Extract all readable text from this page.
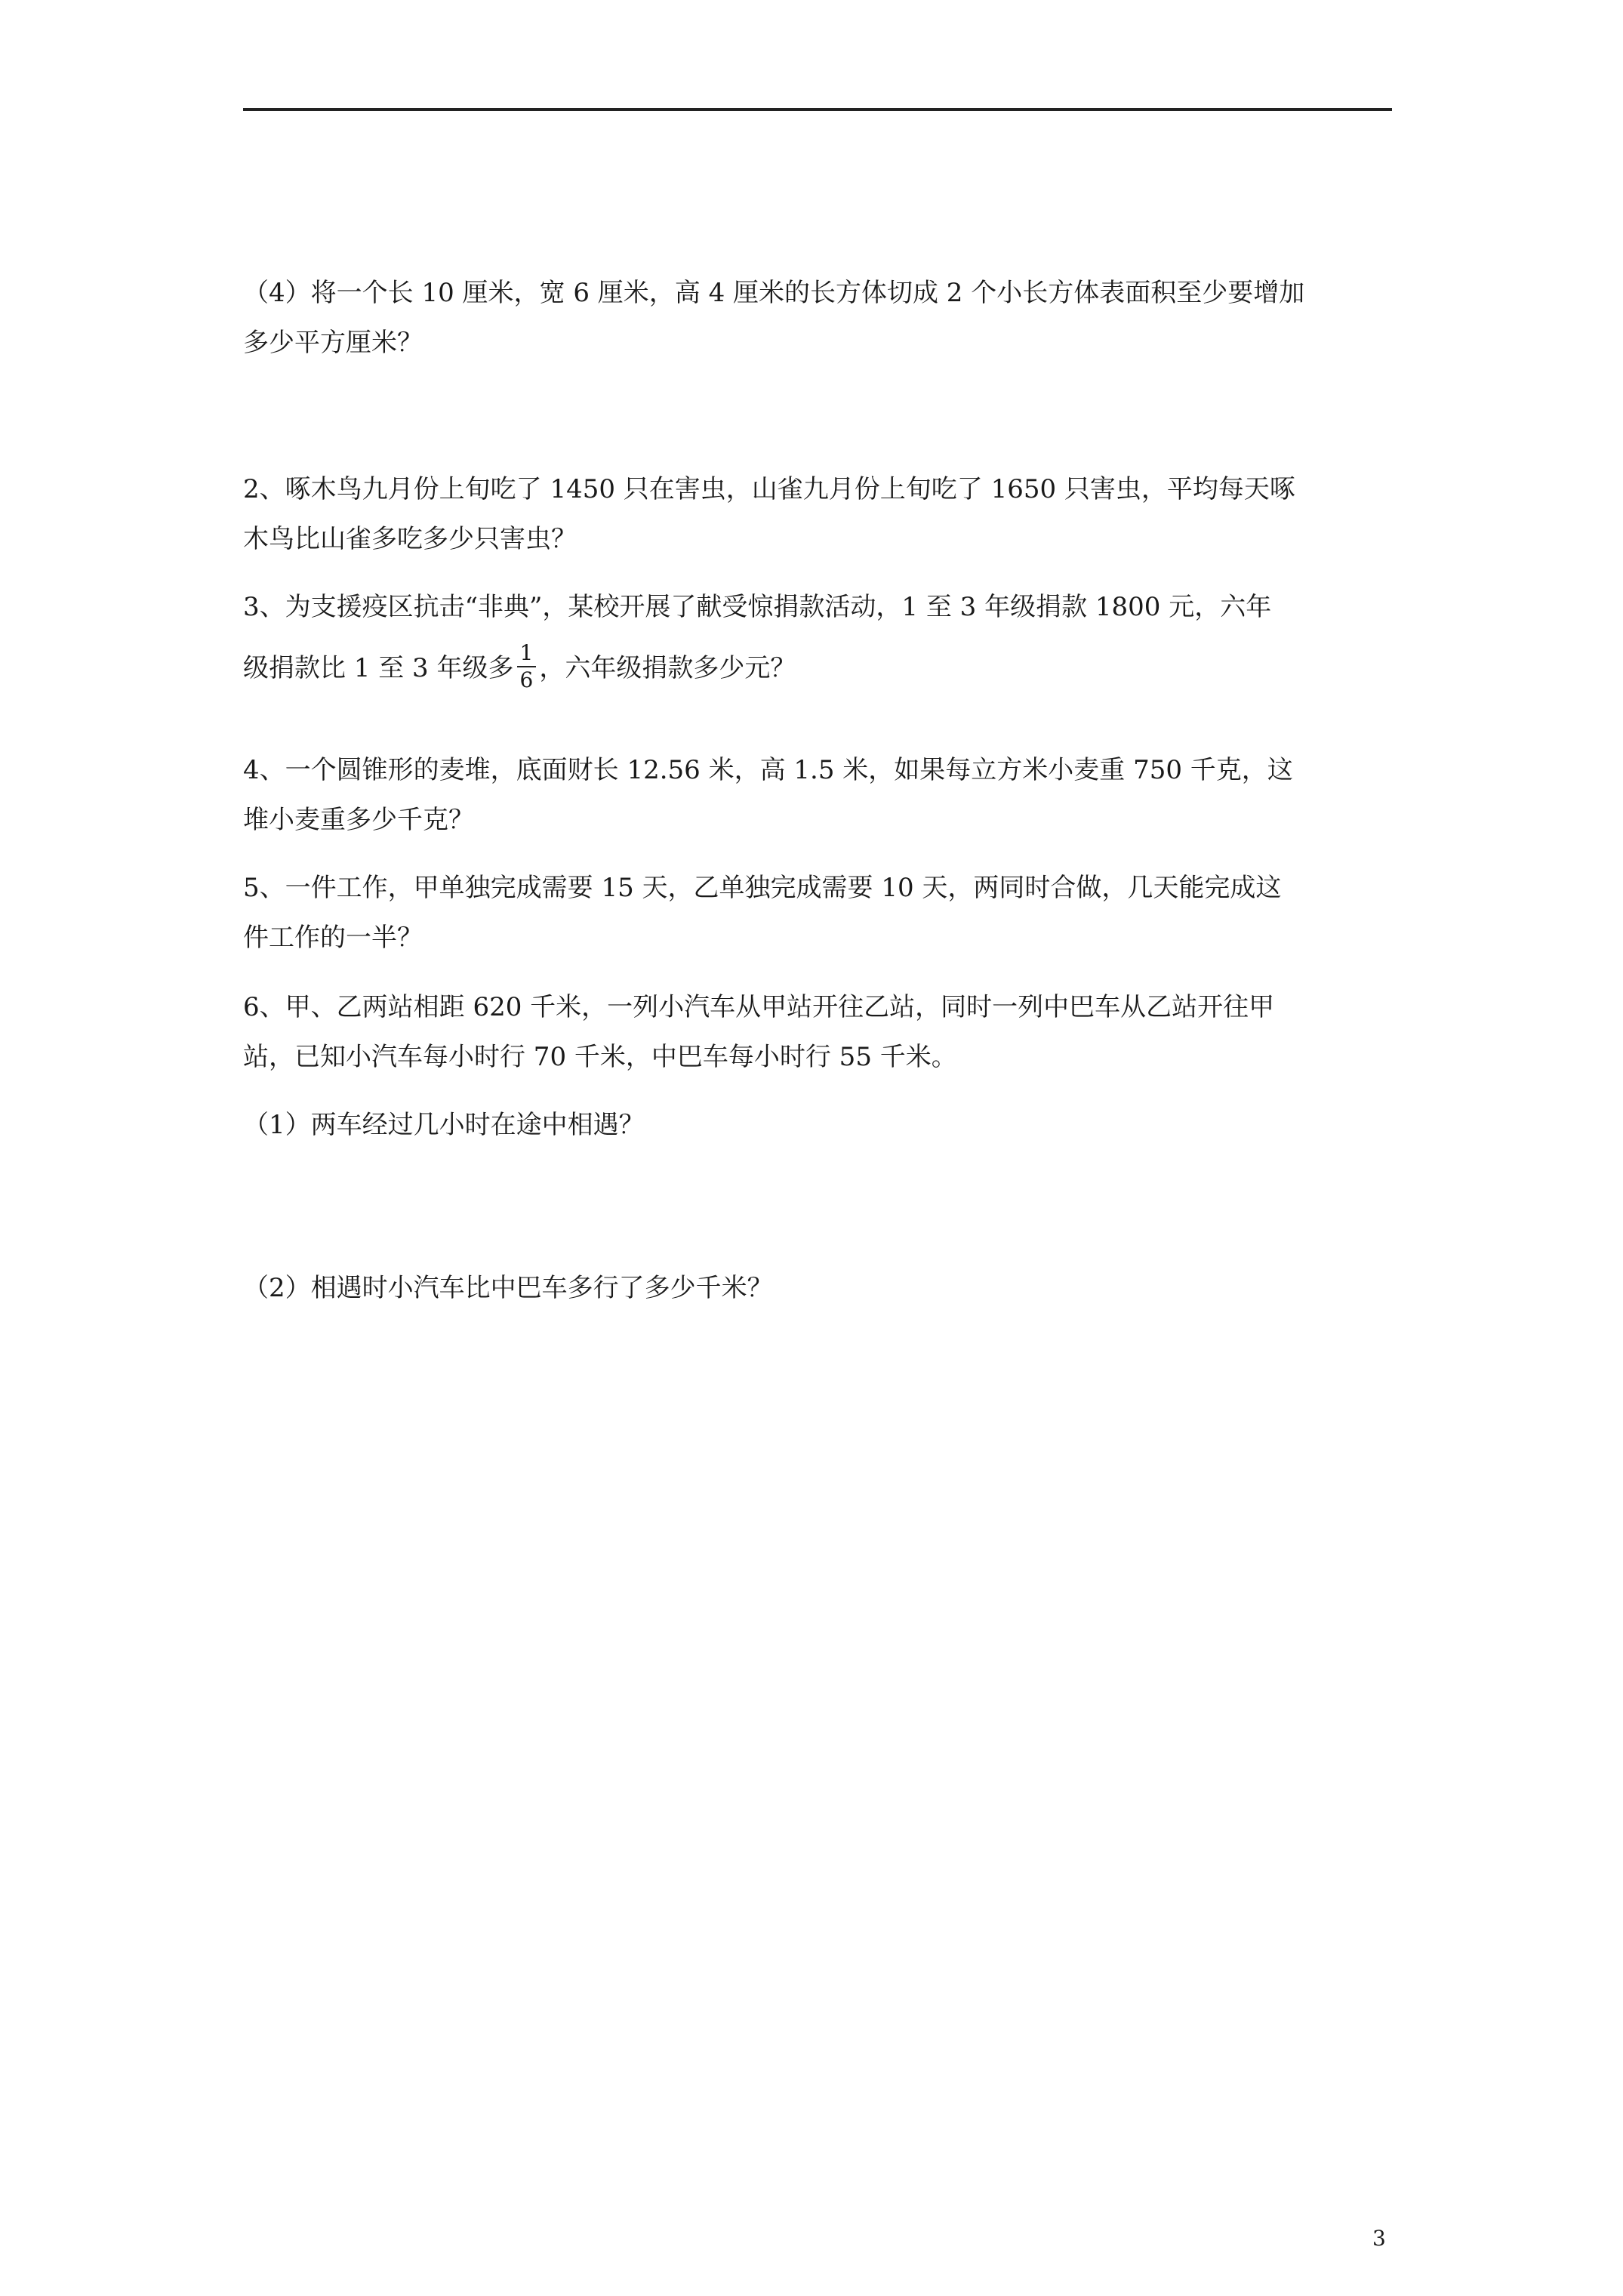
（4）将一个长 10 厘米，宽 6 厘米，高 4 厘米的长方体切成 2 个小长方体表面积至少要增加
多少平方厘米？
2、啄木鸟九月份上旬吃了 1450 只在害虫，山雀九月份上旬吃了 1650 只害虫，平均每天啄
木鸟比山雀多吃多少只害虫？
3、为支援疫区抗击“非典”，某校开展了献受惊捐款活动，1 至 3 年级捐款 1800 元，六年
级捐款比 1 至 3 年级多 $\frac{1}{6}$ ，六年级捐款多少元？
4、一个圆锥形的麦堆，底面财长 12.56 米，高 1.5 米，如果每立方米小麦重 750 千克，这
堆小麦重多少千克？
5、一件工作，甲单独完成需要 15 天，乙单独完成需要 10 天，两同时合做，几天能完成这
件工作的一半？
6、甲、乙两站相距 620 千米，一列小汽车从甲站开往乙站，同时一列中巴车从乙站开往甲
站，已知小汽车每小时行 70 千米，中巴车每小时行 55 千米。
（1）两车经过几小时在途中相遇？
（2）相遇时小汽车比中巴车多行了多少千米？
3
